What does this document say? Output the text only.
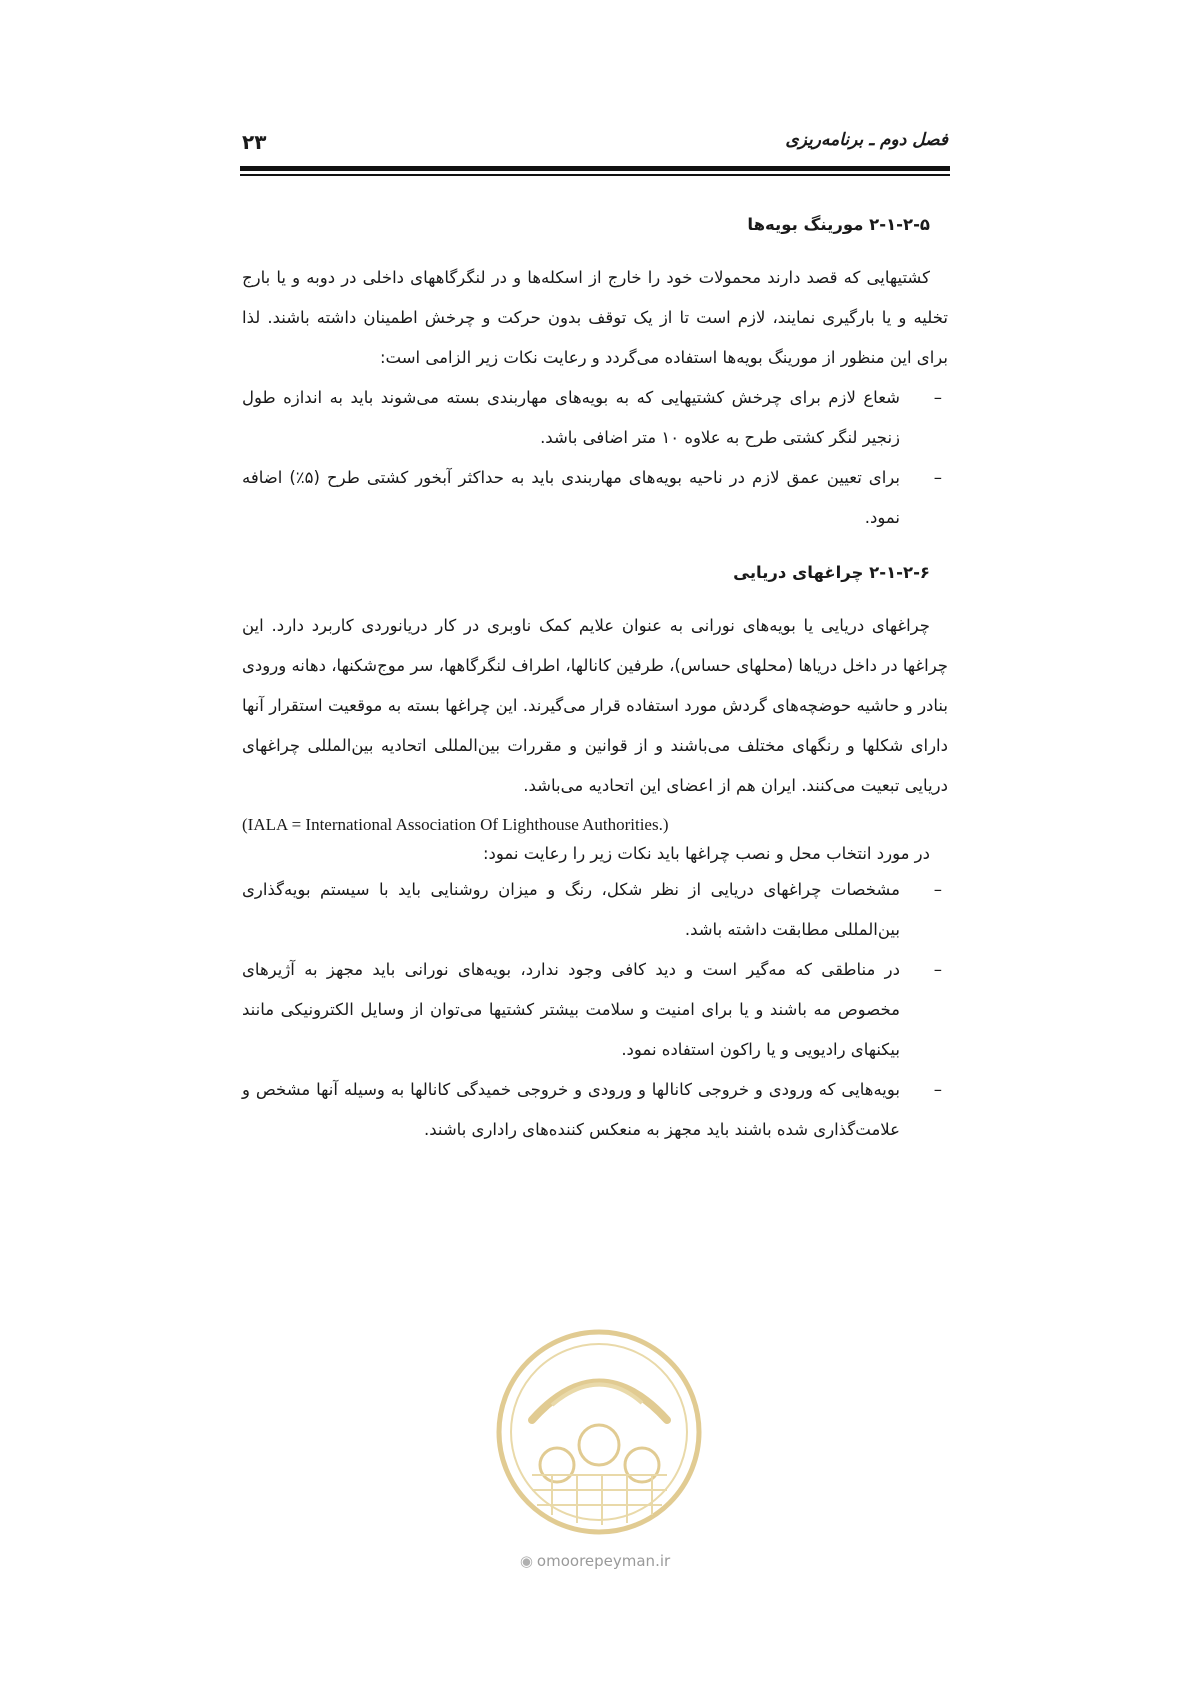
فصل دوم ـ برنامه‌ریزی
۲۳
۲-۱-۲-۵ مورینگ بویه‌ها

کشتیهایی که قصد دارند محمولات خود را خارج از اسکله‌ها و در لنگرگاههای داخلی در دوبه و یا بارج تخلیه و یا بارگیری نمایند، لازم است تا از یک توقف بدون حرکت و چرخش اطمینان داشته باشند. لذا برای این منظور از مورینگ بویه‌ها استفاده می‌گردد و رعایت نکات زیر الزامی است:

–
شعاع لازم برای چرخش کشتیهایی که به بویه‌های مهاربندی بسته می‌شوند باید به اندازه طول زنجیر لنگر کشتی طرح به علاوه ۱۰ متر اضافی باشد.
–
برای تعیین عمق لازم در ناحیه بویه‌های مهاربندی باید به حداکثر آبخور کشتی طرح (۵٪) اضافه نمود.
۲-۱-۲-۶ چراغهای دریایی

چراغهای دریایی یا بویه‌های نورانی به عنوان علایم کمک ناوبری در کار دریانوردی کاربرد دارد. این چراغها در داخل دریاها (محلهای حساس)، طرفین کانالها، اطراف لنگرگاهها، سر موج‌شکنها، دهانه ورودی بنادر و حاشیه حوضچه‌های گردش مورد استفاده قرار می‌گیرند. این چراغها بسته به موقعیت استقرار آنها دارای شکلها و رنگهای مختلف می‌باشند و از قوانین و مقررات بین‌المللی اتحادیه بین‌المللی چراغهای دریایی تبعیت می‌کنند. ایران هم از اعضای این اتحادیه می‌باشد.

(IALA = International Association Of Lighthouse Authorities.)

در مورد انتخاب محل و نصب چراغها باید نکات زیر را رعایت نمود:

–
مشخصات چراغهای دریایی از نظر شکل، رنگ و میزان روشنایی باید با سیستم بویه‌گذاری بین‌المللی مطابقت داشته باشد.
–
در مناطقی که مه‌گیر است و دید کافی وجود ندارد، بویه‌های نورانی باید مجهز به آژیرهای مخصوص مه باشند و یا برای امنیت و سلامت بیشتر کشتیها می‌توان از وسایل الکترونیکی مانند بیکنهای رادیویی و یا راکون استفاده نمود.
–
بویه‌هایی که ورودی و خروجی کانالها و ورودی و خروجی خمیدگی کانالها به وسیله آنها مشخص و علامت‌گذاری شده باشند باید مجهز به منعکس کننده‌های راداری باشند.
◉ omoorepeyman.ir
